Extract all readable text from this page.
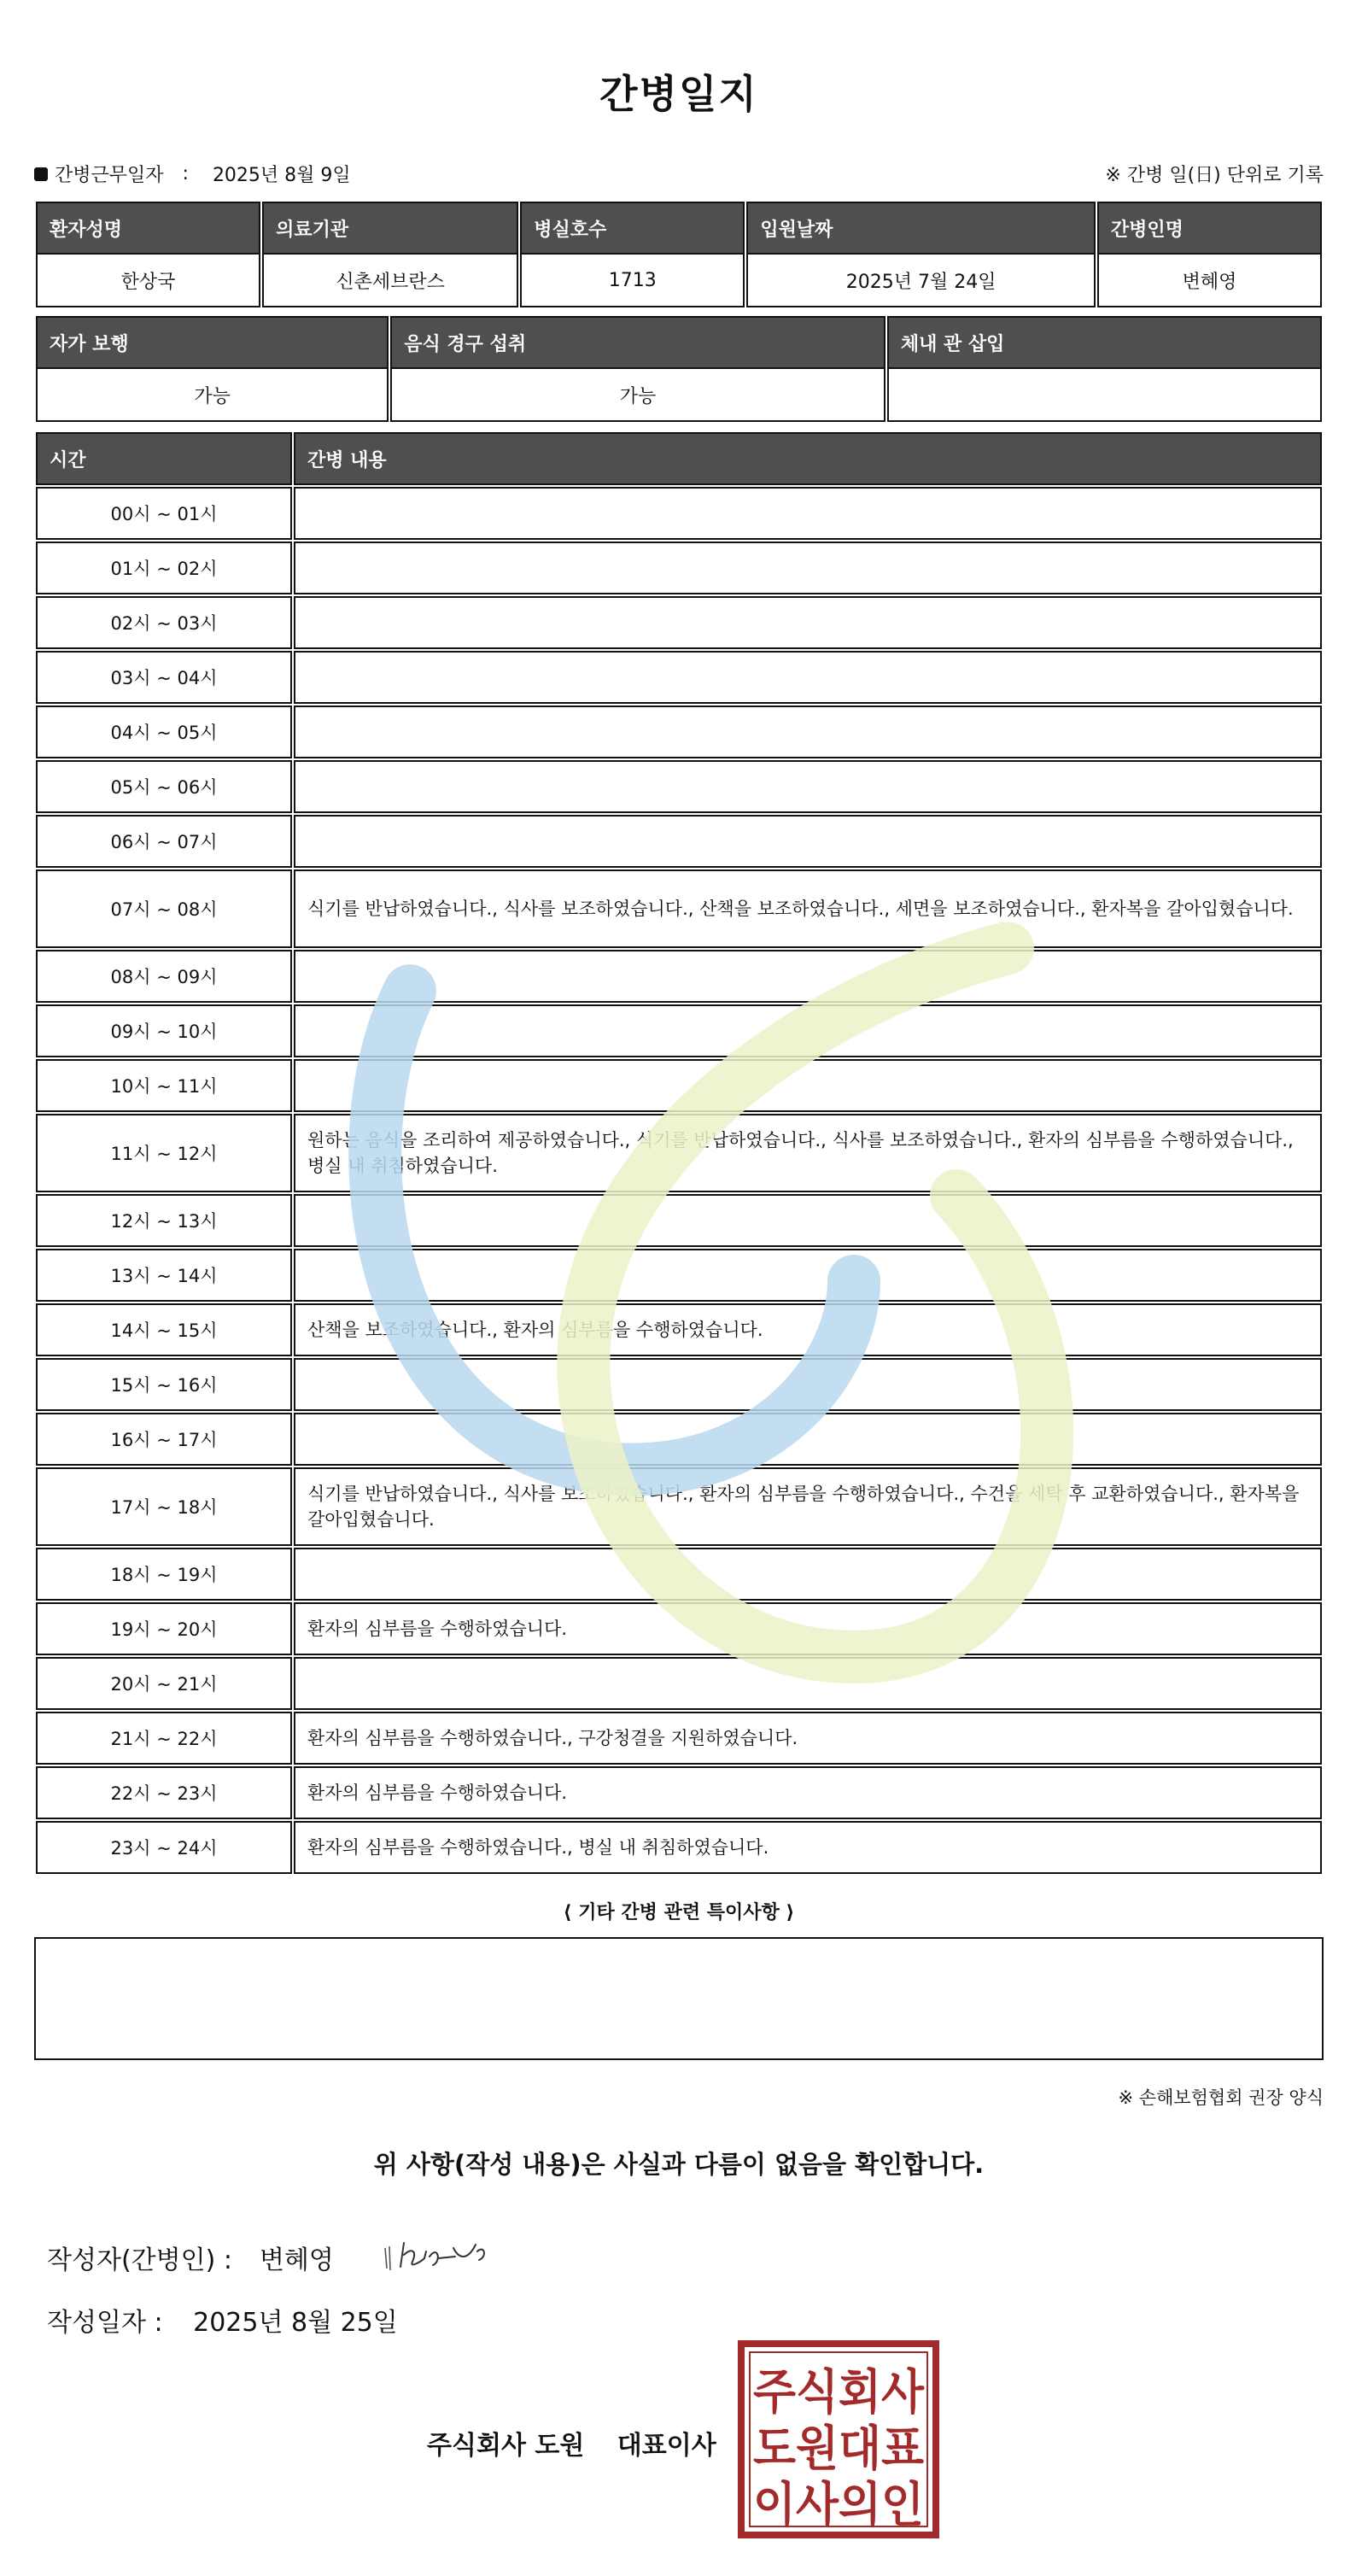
간병일지
간병근무일자 : 2025년 8월 9일	※ 간병 일(日) 단위로 기록
환자성명	의료기관	병실호수	입원날짜	간병인명
한상국	신촌세브란스	1713	2025년 7월 24일	변혜영
자가 보행	음식 경구 섭취	체내 관 삽입
가능	가능	
시간	간병 내용
00시 ~ 01시	
01시 ~ 02시	
02시 ~ 03시	
03시 ~ 04시	
04시 ~ 05시	
05시 ~ 06시	
06시 ~ 07시	
07시 ~ 08시	식기를 반납하였습니다., 식사를 보조하였습니다., 산책을 보조하였습니다., 세면을 보조하였습니다., 환자복을 갈아입혔습니다.
08시 ~ 09시	
09시 ~ 10시	
10시 ~ 11시	
11시 ~ 12시	원하는 음식을 조리하여 제공하였습니다., 식기를 반납하였습니다., 식사를 보조하였습니다., 환자의 심부름을 수행하였습니다., 병실 내 취침하였습니다.
12시 ~ 13시	
13시 ~ 14시	
14시 ~ 15시	산책을 보조하였습니다., 환자의 심부름을 수행하였습니다.
15시 ~ 16시	
16시 ~ 17시	
17시 ~ 18시	식기를 반납하였습니다., 식사를 보조하였습니다., 환자의 심부름을 수행하였습니다., 수건을 세탁 후 교환하였습니다., 환자복을 갈아입혔습니다.
18시 ~ 19시	
19시 ~ 20시	환자의 심부름을 수행하였습니다.
20시 ~ 21시	
21시 ~ 22시	환자의 심부름을 수행하였습니다., 구강청결을 지원하였습니다.
22시 ~ 23시	환자의 심부름을 수행하였습니다.
23시 ~ 24시	환자의 심부름을 수행하였습니다., 병실 내 취침하였습니다.
⟨ 기타 간병 관련 특이사항 ⟩
※ 손해보험협회 권장 양식
위 사항(작성 내용)은 사실과 다름이 없음을 확인합니다.
작성자(간병인) : 변혜영
작성일자 : 2025년 8월 25일
주식회사 도원 대표이사
주식회사
도원대표
이사의인
